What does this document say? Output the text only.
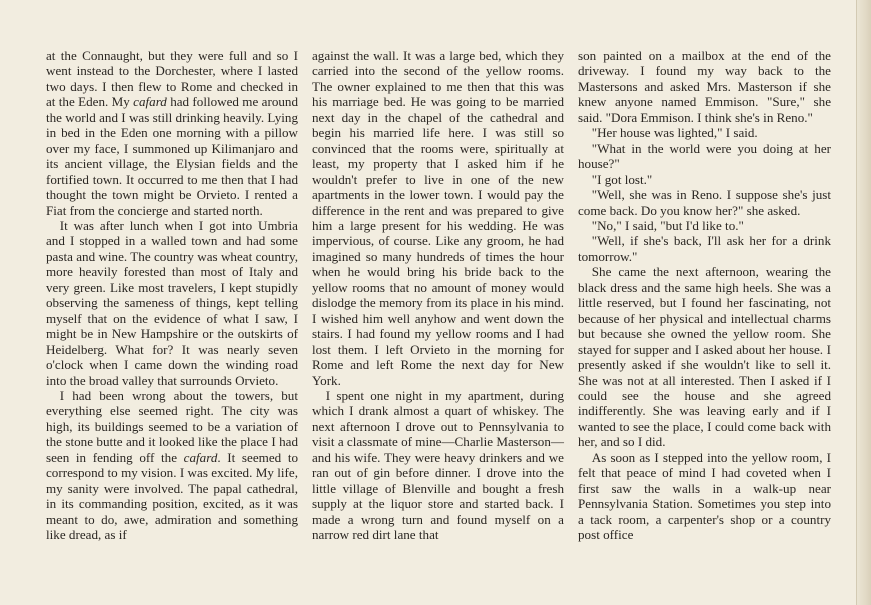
at the Connaught, but they were full and so I went instead to the Dorchester, where I lasted two days. I then flew to Rome and checked in at the Eden. My cafard had followed me around the world and I was still drinking heavily. Lying in bed in the Eden one morning with a pillow over my face, I summoned up Kilimanjaro and its ancient village, the Elysian fields and the fortified town. It occurred to me then that I had thought the town might be Orvieto. I rented a Fiat from the concierge and started north.

It was after lunch when I got into Umbria and I stopped in a walled town and had some pasta and wine. The country was wheat country, more heavily forested than most of Italy and very green. Like most travelers, I kept stupidly observing the sameness of things, kept telling myself that on the evidence of what I saw, I might be in New Hampshire or the outskirts of Heidelberg. What for? It was nearly seven o'clock when I came down the winding road into the broad valley that surrounds Orvieto.

I had been wrong about the towers, but everything else seemed right. The city was high, its buildings seemed to be a variation of the stone butte and it looked like the place I had seen in fending off the cafard. It seemed to correspond to my vision. I was excited. My life, my sanity were involved. The papal cathedral, in its commanding position, excited, as it was meant to do, awe, admiration and something like dread, as if

against the wall. It was a large bed, which they carried into the second of the yellow rooms. The owner explained to me then that this was his marriage bed. He was going to be married next day in the chapel of the cathedral and begin his married life here. I was still so convinced that the rooms were, spiritually at least, my property that I asked him if he wouldn't prefer to live in one of the new apartments in the lower town. I would pay the difference in the rent and was prepared to give him a large present for his wedding. He was impervious, of course. Like any groom, he had imagined so many hundreds of times the hour when he would bring his bride back to the yellow rooms that no amount of money would dislodge the memory from its place in his mind. I wished him well anyhow and went down the stairs. I had found my yellow rooms and I had lost them. I left Orvieto in the morning for Rome and left Rome the next day for New York.

I spent one night in my apartment, during which I drank almost a quart of whiskey. The next afternoon I drove out to Pennsylvania to visit a classmate of mine—Charlie Masterson—and his wife. They were heavy drinkers and we ran out of gin before dinner. I drove into the little village of Blenville and bought a fresh supply at the liquor store and started back. I made a wrong turn and found myself on a narrow red dirt lane that

son painted on a mailbox at the end of the driveway. I found my way back to the Mastersons and asked Mrs. Masterson if she knew anyone named Emmison. "Sure," she said. "Dora Emmison. I think she's in Reno."

"Her house was lighted," I said.

"What in the world were you doing at her house?"

"I got lost."

"Well, she was in Reno. I suppose she's just come back. Do you know her?" she asked.

"No," I said, "but I'd like to."

"Well, if she's back, I'll ask her for a drink tomorrow."

She came the next afternoon, wearing the black dress and the same high heels. She was a little reserved, but I found her fascinating, not because of her physical and intellectual charms but because she owned the yellow room. She stayed for supper and I asked about her house. I presently asked if she wouldn't like to sell it. She was not at all interested. Then I asked if I could see the house and she agreed indifferently. She was leaving early and if I wanted to see the place, I could come back with her, and so I did.

As soon as I stepped into the yellow room, I felt that peace of mind I had coveted when I first saw the walls in a walk-up near Pennsylvania Station. Sometimes you step into a tack room, a carpenter's shop or a country post office
